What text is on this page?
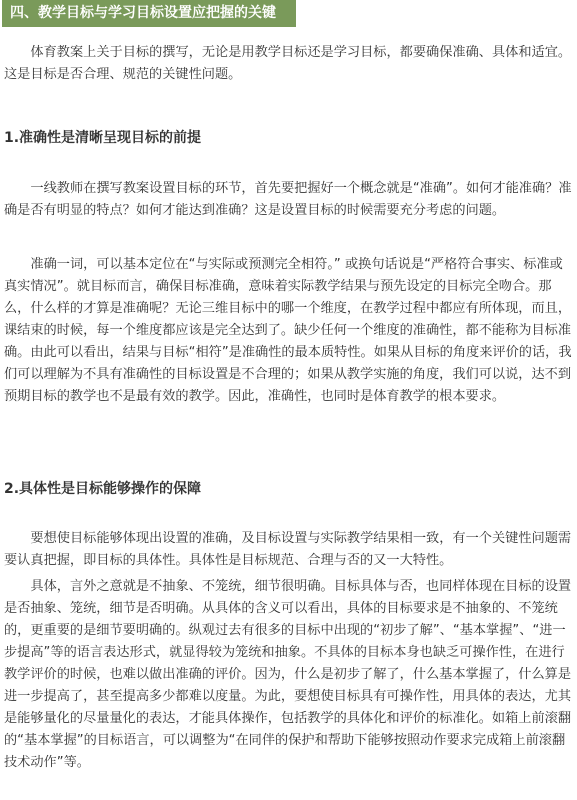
四、教学目标与学习目标设置应把握的关键

体育教案上关于目标的撰写，无论是用教学目标还是学习目标，都要确保准确、具体和适宜。这是目标是否合理、规范的关键性问题。

1.准确性是清晰呈现目标的前提

一线教师在撰写教案设置目标的环节，首先要把握好一个概念就是“准确”。如何才能准确？准确是否有明显的特点？如何才能达到准确？这是设置目标的时候需要充分考虑的问题。

准确一词，可以基本定位在“与实际或预测完全相符。” 或换句话说是“严格符合事实、标准或真实情况”。就目标而言，确保目标准确，意味着实际教学结果与预先设定的目标完全吻合。那么，什么样的才算是准确呢？无论三维目标中的哪一个维度，在教学过程中都应有所体现，而且，课结束的时候，每一个维度都应该是完全达到了。缺少任何一个维度的准确性，都不能称为目标准确。由此可以看出，结果与目标“相符”是准确性的最本质特性。如果从目标的角度来评价的话，我们可以理解为不具有准确性的目标设置是不合理的；如果从教学实施的角度，我们可以说，达不到预期目标的教学也不是最有效的教学。因此，准确性，也同时是体育教学的根本要求。

2.具体性是目标能够操作的保障

要想使目标能够体现出设置的准确，及目标设置与实际教学结果相一致，有一个关键性问题需要认真把握，即目标的具体性。具体性是目标规范、合理与否的又一大特性。

具体，言外之意就是不抽象、不笼统，细节很明确。目标具体与否，也同样体现在目标的设置是否抽象、笼统，细节是否明确。从具体的含义可以看出，具体的目标要求是不抽象的、不笼统的，更重要的是细节要明确的。纵观过去有很多的目标中出现的“初步了解”、“基本掌握”、“进一步提高”等的语言表达形式，就显得较为笼统和抽象。不具体的目标本身也缺乏可操作性，在进行教学评价的时候，也难以做出准确的评价。因为，什么是初步了解了，什么基本掌握了，什么算是进一步提高了，甚至提高多少都难以度量。为此，要想使目标具有可操作性，用具体的表达，尤其是能够量化的尽量量化的表达，才能具体操作，包括教学的具体化和评价的标准化。如箱上前滚翻的“基本掌握”的目标语言，可以调整为“在同伴的保护和帮助下能够按照动作要求完成箱上前滚翻技术动作”等。
